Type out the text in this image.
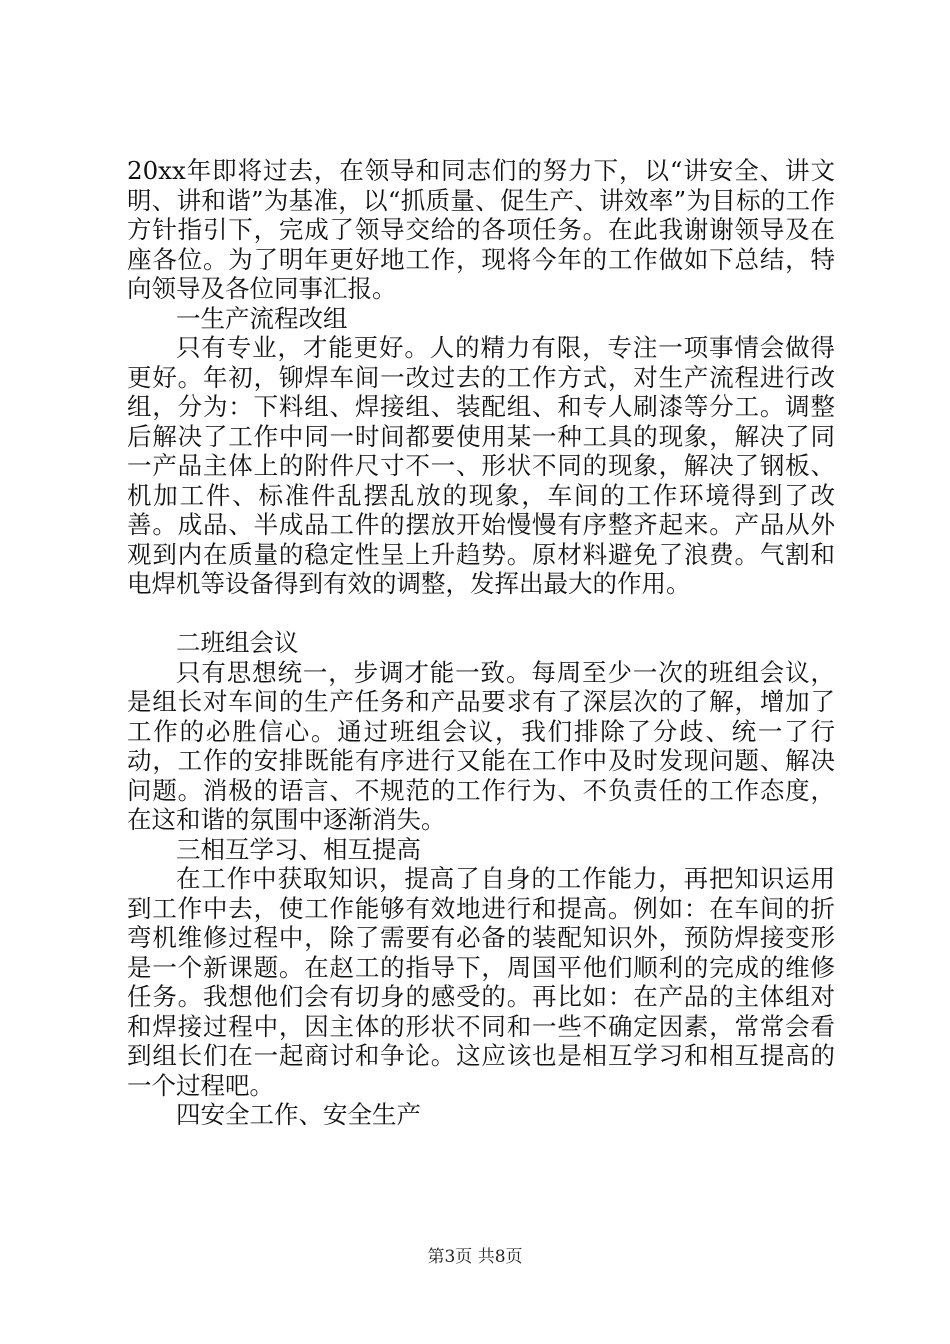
20xx年即将过去，在领导和同志们的努力下，以“讲安全、讲文明、讲和谐”为基准，以“抓质量、促生产、讲效率”为目标的工作方针指引下，完成了领导交给的各项任务。在此我谢谢领导及在座各位。为了明年更好地工作，现将今年的工作做如下总结，特向领导及各位同事汇报。

一生产流程改组

只有专业，才能更好。人的精力有限，专注一项事情会做得更好。年初，铆焊车间一改过去的工作方式，对生产流程进行改组，分为：下料组、焊接组、装配组、和专人刷漆等分工。调整后解决了工作中同一时间都要使用某一种工具的现象，解决了同一产品主体上的附件尺寸不一、形状不同的现象，解决了钢板、机加工件、标准件乱摆乱放的现象，车间的工作环境得到了改善。成品、半成品工件的摆放开始慢慢有序整齐起来。产品从外观到内在质量的稳定性呈上升趋势。原材料避免了浪费。气割和电焊机等设备得到有效的调整，发挥出最大的作用。

二班组会议

只有思想统一，步调才能一致。每周至少一次的班组会议，是组长对车间的生产任务和产品要求有了深层次的了解，增加了工作的必胜信心。通过班组会议，我们排除了分歧、统一了行动，工作的安排既能有序进行又能在工作中及时发现问题、解决问题。消极的语言、不规范的工作行为、不负责任的工作态度，在这和谐的氛围中逐渐消失。

三相互学习、相互提高

在工作中获取知识，提高了自身的工作能力，再把知识运用到工作中去，使工作能够有效地进行和提高。例如：在车间的折弯机维修过程中，除了需要有必备的装配知识外，预防焊接变形是一个新课题。在赵工的指导下，周国平他们顺利的完成的维修任务。我想他们会有切身的感受的。再比如：在产品的主体组对和焊接过程中，因主体的形状不同和一些不确定因素，常常会看到组长们在一起商讨和争论。这应该也是相互学习和相互提高的一个过程吧。

四安全工作、安全生产

第3页 共8页
